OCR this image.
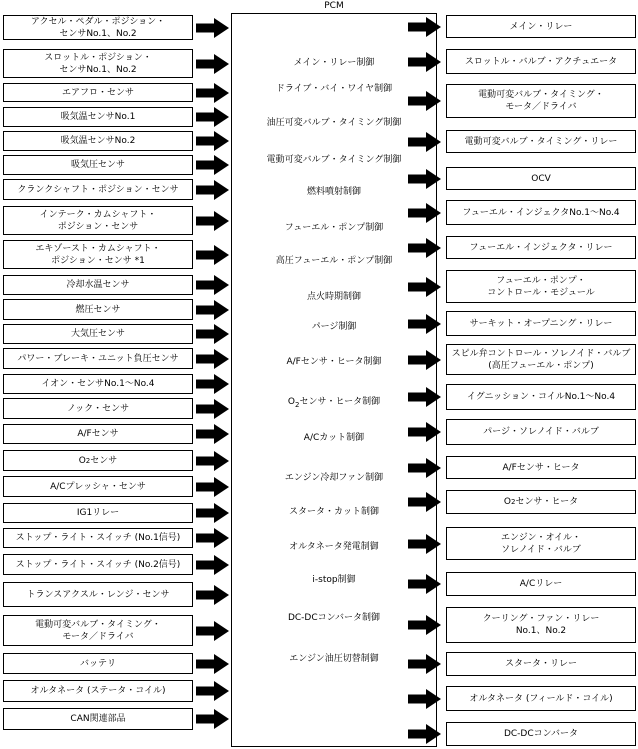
PCM
メイン・リレー制御
ドライブ・バイ・ワイヤ制御
油圧可変バルブ・タイミング制御
電動可変バルブ・タイミング制御
燃料噴射制御
フューエル・ポンプ制御
高圧フューエル・ポンプ制御
点火時期制御
パージ制御
A/Fセンサ・ヒータ制御
$O_2$センサ・ヒータ制御
A/Cカット制御
エンジン冷却ファン制御
スタータ・カット制御
オルタネータ発電制御
i-stop制御
DC-DCコンバータ制御
エンジン油圧切替制御
アクセル・ペダル・ポジション・
センサNo.1、No.2
スロットル・ポジション・
センサNo.1、No.2
エアフロ・センサ
吸気温センサNo.1
吸気温センサNo.2
吸気圧センサ
クランクシャフト・ポジション・センサ
インテーク・カムシャフト・
ポジション・センサ
エキゾースト・カムシャフト・
ポジション・センサ *1
冷却水温センサ
燃圧センサ
大気圧センサ
パワー・ブレーキ・ユニット負圧センサ
イオン・センサNo.1～No.4
ノック・センサ
A/Fセンサ
O 2 センサ
A/Cプレッシャ・センサ
IG1リレー
ストップ・ライト・スイッチ (No.1信号)
ストップ・ライト・スイッチ (No.2信号)
トランスアクスル・レンジ・センサ
電動可変バルブ・タイミング・
モータ／ドライバ
バッテリ
オルタネータ (ステータ・コイル)
CAN関連部品
メイン・リレー
スロットル・バルブ・アクチュエータ
電動可変バルブ・タイミング・
モータ／ドライバ
電動可変バルブ・タイミング・リレー
OCV
フューエル・インジェクタNo.1～No.4
フューエル・インジェクタ・リレー
フューエル・ポンプ・
コントロール・モジュール
サーキット・オープニング・リレー
スピル弁コントロール・ソレノイド・バルブ
(高圧フューエル・ポンプ)
イグニッション・コイルNo.1～No.4
パージ・ソレノイド・バルブ
A/Fセンサ・ヒータ
O 2 センサ・ヒータ
エンジン・オイル・
ソレノイド・バルブ
A/Cリレー
クーリング・ファン・リレー
No.1、No.2
スタータ・リレー
オルタネータ (フィールド・コイル)
DC-DCコンバータ
